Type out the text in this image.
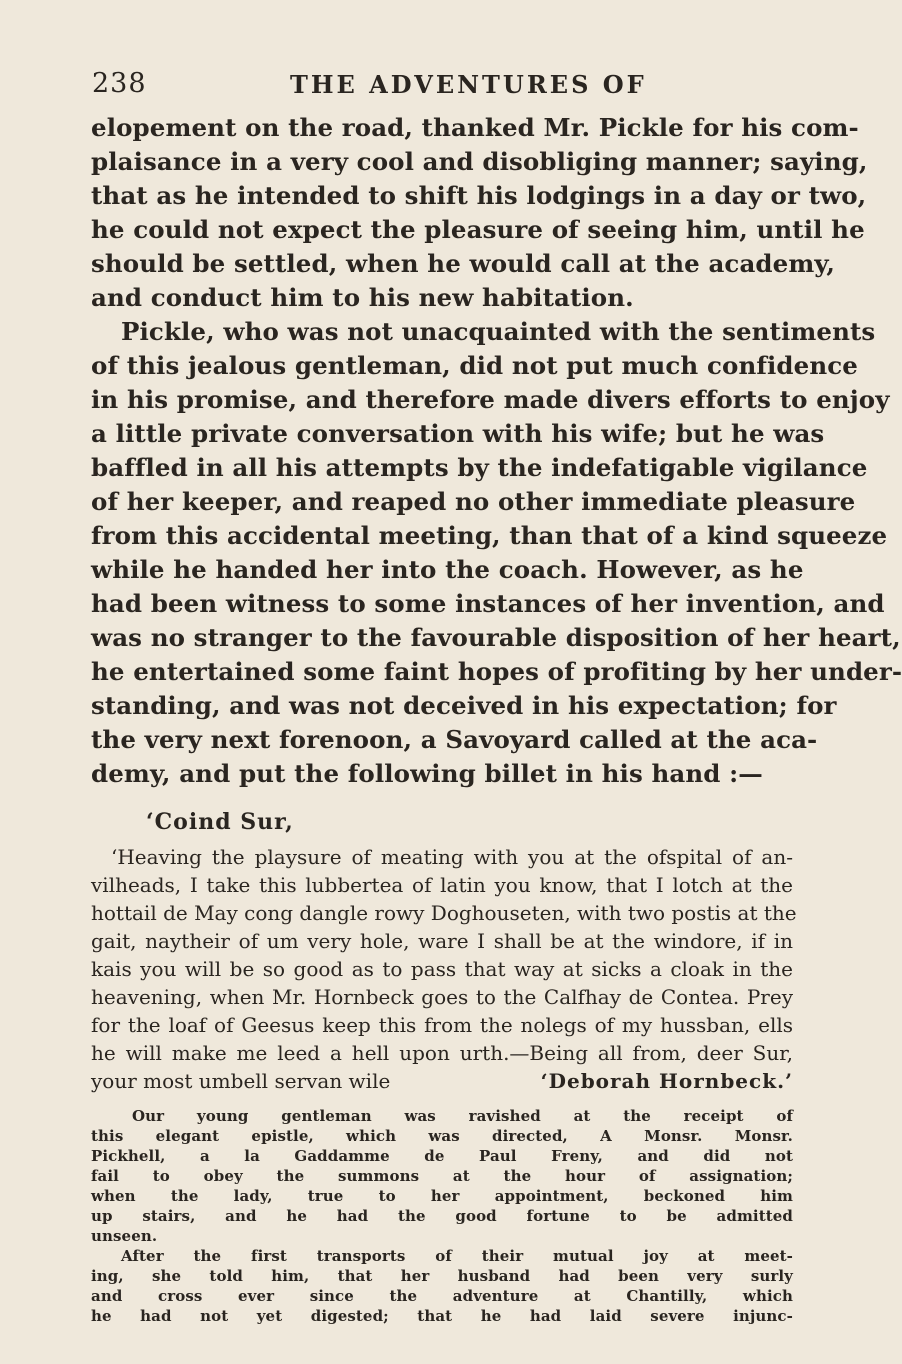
238	THE ADVENTURES OF
elopement on the road, thanked Mr. Pickle for his com-
plaisance in a very cool and disobliging manner; saying,
that as he intended to shift his lodgings in a day or two,
he could not expect the pleasure of seeing him, until he
should be settled, when he would call at the academy,
and conduct him to his new habitation.
Pickle, who was not unacquainted with the sentiments
of this jealous gentleman, did not put much confidence
in his promise, and therefore made divers efforts to enjoy
a little private conversation with his wife; but he was
baffled in all his attempts by the indefatigable vigilance
of her keeper, and reaped no other immediate pleasure
from this accidental meeting, than that of a kind squeeze
while he handed her into the coach. However, as he
had been witness to some instances of her invention, and
was no stranger to the favourable disposition of her heart,
he entertained some faint hopes of profiting by her under-
standing, and was not deceived in his expectation; for
the very next forenoon, a Savoyard called at the aca-
demy, and put the following billet in his hand :—
‘Coind Sur,
‘Heaving the playsure of meating with you at the ofspital of an-
vilheads, I take this lubbertea of latin you know, that I lotch at the
hottail de May cong dangle rowy Doghouseten, with two postis at the
gait, naytheir of um very hole, ware I shall be at the windore, if in
kais you will be so good as to pass that way at sicks a cloak in the
heavening, when Mr. Hornbeck goes to the Calfhay de Contea. Prey
for the loaf of Geesus keep this from the nolegs of my hussban, ells
he will make me leed a hell upon urth.—Being all from, deer Sur,
your most umbell servan wile	‘Deborah Hornbeck.’
Our young gentleman was ravished at the receipt of
this elegant epistle, which was directed, A Monsr. Monsr.
Pickhell, a la Gaddamme de Paul Freny, and did not
fail to obey the summons at the hour of assignation;
when the lady, true to her appointment, beckoned him
up stairs, and he had the good fortune to be admitted
unseen.
After the first transports of their mutual joy at meet-
ing, she told him, that her husband had been very surly
and cross ever since the adventure at Chantilly, which
he had not yet digested; that he had laid severe injunc-
